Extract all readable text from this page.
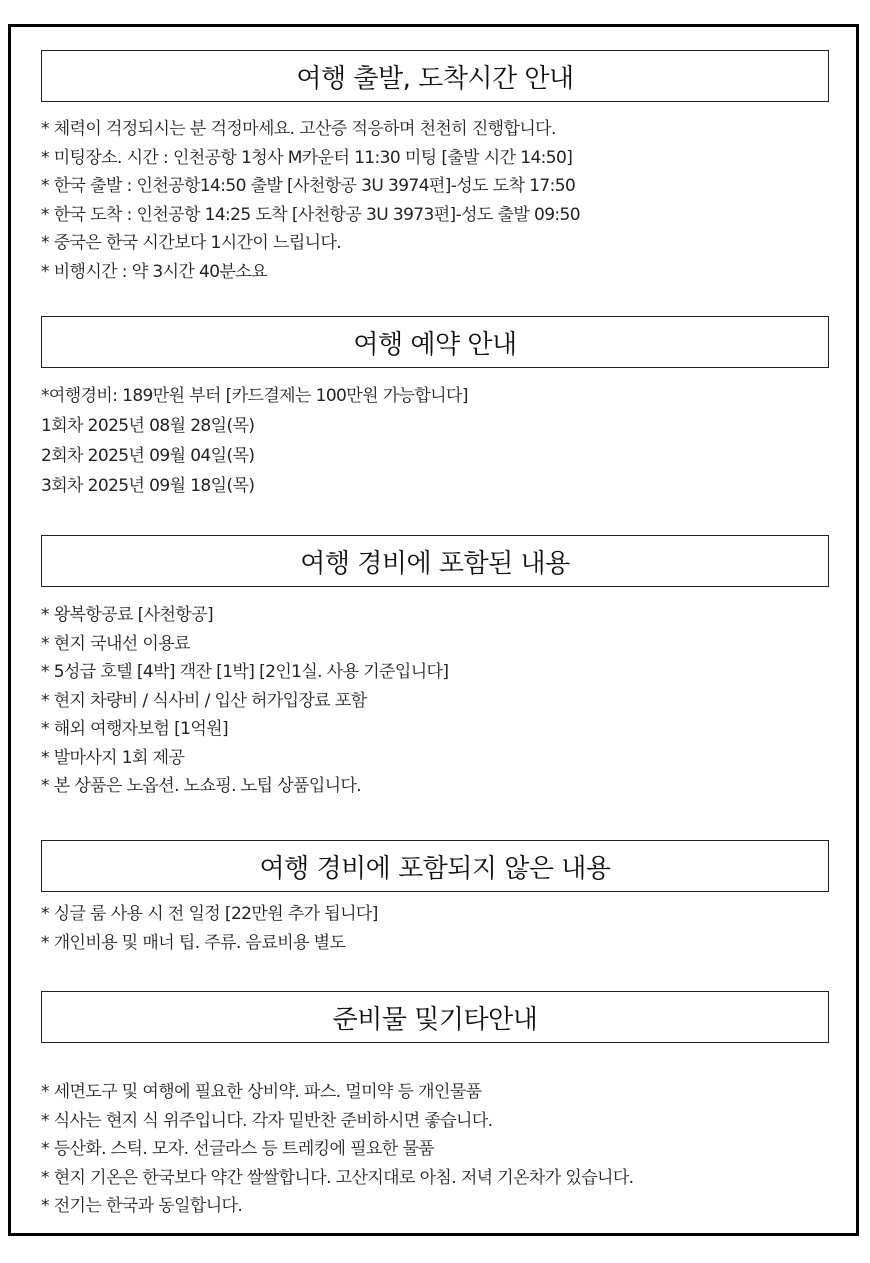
여행 출발, 도착시간 안내
* 체력이 걱정되시는 분 걱정마세요. 고산증 적응하며 천천히 진행합니다.
* 미팅장소. 시간 : 인천공항 1청사 M카운터 11:30 미팅 [출발 시간 14:50]
* 한국 출발 : 인천공항14:50 출발 [사천항공 3U 3974편]-성도 도착 17:50
* 한국 도착 : 인천공항 14:25 도착 [사천항공 3U 3973편]-성도 출발 09:50
* 중국은 한국 시간보다 1시간이 느립니다.
* 비행시간 : 약 3시간 40분소요
여행 예약 안내
*여행경비: 189만원 부터 [카드결제는 100만원 가능합니다]
1회차 2025년 08월 28일(목)
2회차 2025년 09월 04일(목)
3회차 2025년 09월 18일(목)
여행 경비에 포함된 내용
* 왕복항공료 [사천항공]
* 현지 국내선 이용료
* 5성급 호텔 [4박] 객잔 [1박] [2인1실. 사용 기준입니다]
* 현지 차량비 / 식사비 / 입산 허가입장료 포함
* 해외 여행자보험 [1억원]
* 발마사지 1회 제공
* 본 상품은 노옵션. 노쇼핑. 노팁 상품입니다.
여행 경비에 포함되지 않은 내용
* 싱글 룸 사용 시 전 일정 [22만원 추가 됩니다]
* 개인비용 및 매너 팁. 주류. 음료비용 별도
준비물 및기타안내
* 세면도구 및 여행에 필요한 상비약. 파스. 멀미약 등 개인물품
* 식사는 현지 식 위주입니다. 각자 밑반찬 준비하시면 좋습니다.
* 등산화. 스틱. 모자. 선글라스 등 트레킹에 필요한 물품
* 현지 기온은 한국보다 약간 쌀쌀합니다. 고산지대로 아침. 저녁 기온차가 있습니다.
* 전기는 한국과 동일합니다.
